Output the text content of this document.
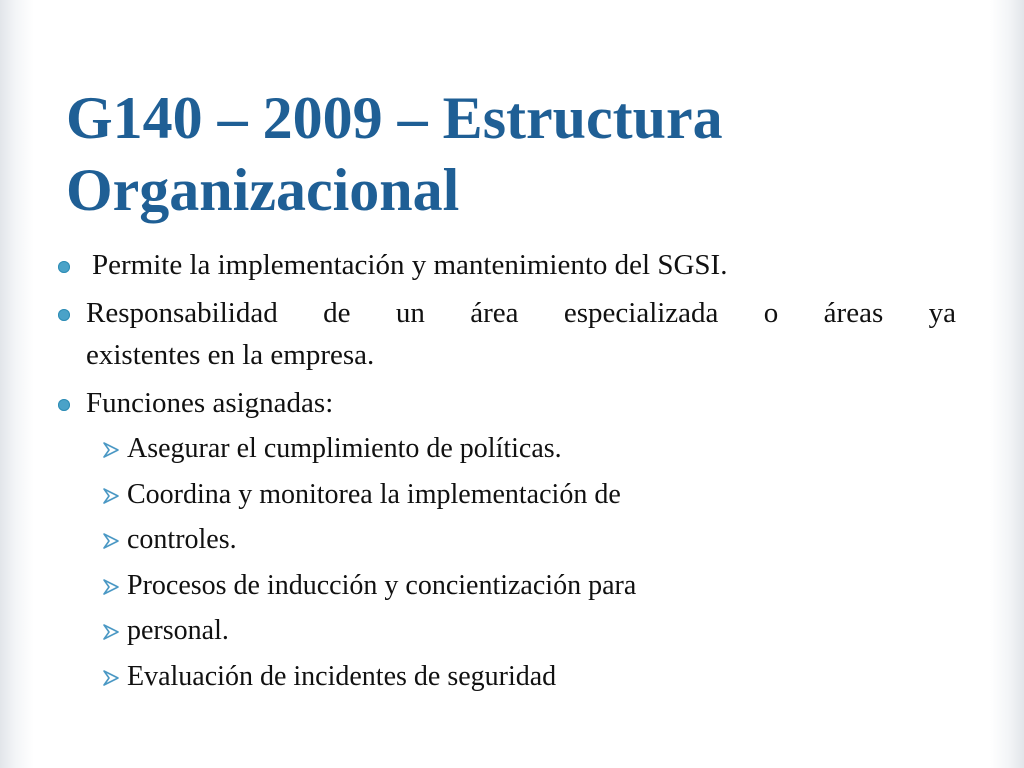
G140 – 2009 – Estructura Organizacional

Permite la implementación y mantenimiento del SGSI.

Responsabilidad de un área especializada o áreas ya
existentes en la empresa.

Funciones asignadas:

Asegurar el cumplimiento de políticas.
Coordina y monitorea la implementación de
controles.
Procesos de inducción y concientización para
personal.
Evaluación de incidentes de seguridad
